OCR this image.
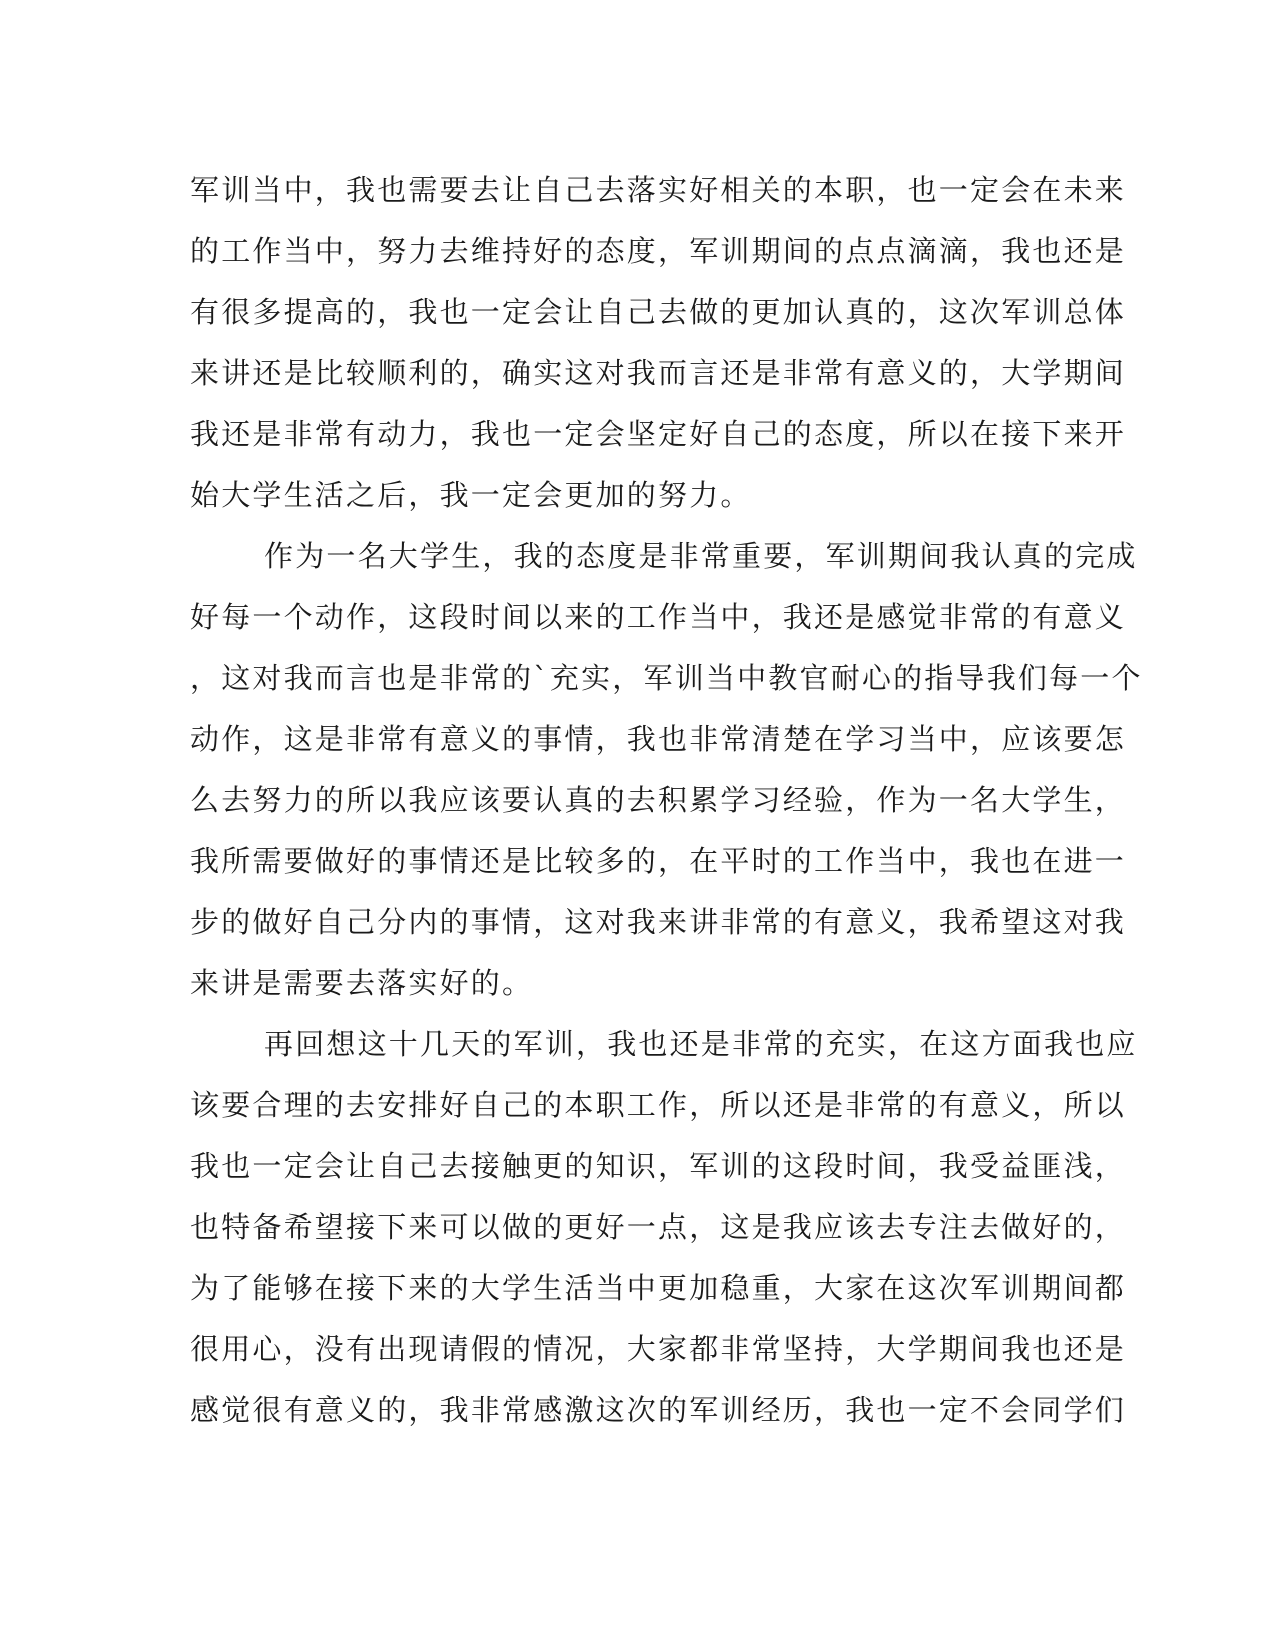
军训当中，我也需要去让自己去落实好相关的本职，也一定会在未来
的工作当中，努力去维持好的态度，军训期间的点点滴滴，我也还是
有很多提高的，我也一定会让自己去做的更加认真的，这次军训总体
来讲还是比较顺利的，确实这对我而言还是非常有意义的，大学期间
我还是非常有动力，我也一定会坚定好自己的态度，所以在接下来开
始大学生活之后，我一定会更加的努力。
作为一名大学生，我的态度是非常重要，军训期间我认真的完成
好每一个动作，这段时间以来的工作当中，我还是感觉非常的有意义
，这对我而言也是非常的`充实，军训当中教官耐心的指导我们每一个
动作，这是非常有意义的事情，我也非常清楚在学习当中，应该要怎
么去努力的所以我应该要认真的去积累学习经验，作为一名大学生，
我所需要做好的事情还是比较多的，在平时的工作当中，我也在进一
步的做好自己分内的事情，这对我来讲非常的有意义，我希望这对我
来讲是需要去落实好的。
再回想这十几天的军训，我也还是非常的充实，在这方面我也应
该要合理的去安排好自己的本职工作，所以还是非常的有意义，所以
我也一定会让自己去接触更的知识，军训的这段时间，我受益匪浅，
也特备希望接下来可以做的更好一点，这是我应该去专注去做好的，
为了能够在接下来的大学生活当中更加稳重，大家在这次军训期间都
很用心，没有出现请假的情况，大家都非常坚持，大学期间我也还是
感觉很有意义的，我非常感激这次的军训经历，我也一定不会同学们
